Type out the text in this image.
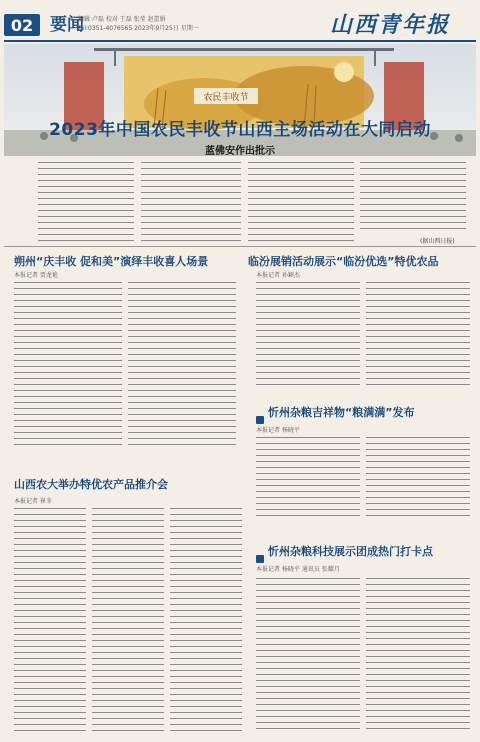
02 要闻
编辑 卢磊 校对 王磊 张莹 赵蕾娟
Tel:0351-4076565 2023年9月25日 星期一	山西青年报
农民丰收节
2023年中国农民丰收节山西主场活动在大同启动
蓝佛安作出批示
(据山西日报)
朔州“庆丰收 促和美”演绎丰收喜人场景
本报记者 贾龙艳
临汾展销活动展示“临汾优选”特优农品
本报记者 孙颖杰
忻州杂粮吉祥物“粮满满”发布
本报记者 杨晓平
山西农大举办特优农产品推介会
本报记者 崔冬
忻州杂粮科技展示团成热门打卡点
本报记者 杨晓平 通讯员 张耀月
